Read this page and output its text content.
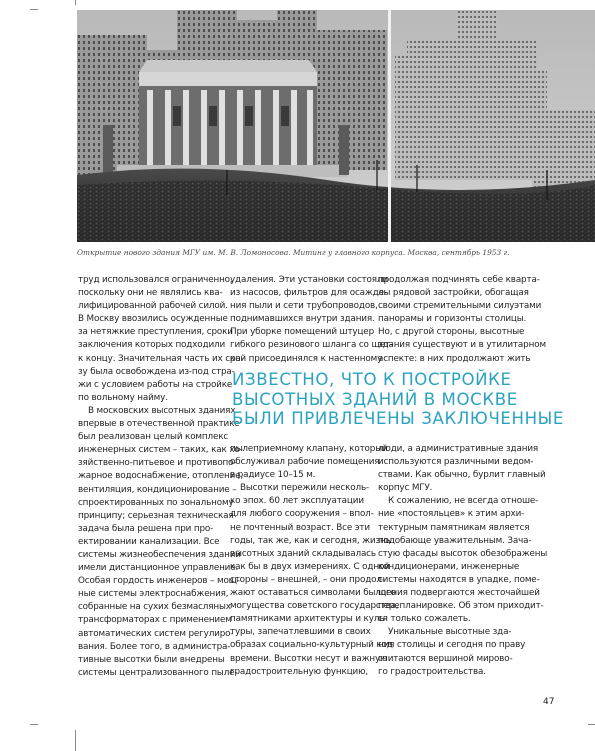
Открытие нового здания МГУ им. М. В. Ломоносова. Митинг у главного корпуса. Москва, сентябрь 1953 г.

труд использовался ограниченно,
поскольку они не являлись ква-
лифицированной рабочей силой.
В Москву ввозились осужденные
за нетяжкие преступления, сроки
заключения которых подходили
к концу. Значительная часть их сра-
зу была освобождена из-под стра-
жи с условием работы на стройке
по вольному найму.

В московских высотных зданиях
впервые в отечественной практике
был реализован целый комплекс
инженерных систем – таких, как хо-
зяйственно-питьевое и противопо-
жарное водоснабжение, отопление,
вентиляция, кондиционирование –
спроектированных по зональному
принципу; серьезная техническая
задача была решена при про-
ектировании канализации. Все
системы жизнеобеспечения зданий
имели дистанционное управление.
Особая гордость инженеров – мощ-
ные системы электроснабжения,
собранные на сухих безмасляных
трансформаторах с применением
автоматических систем регулиро-
вания. Более того, в администра-
тивные высотки были внедрены
системы централизованного пыле-

удаления. Эти установки состояли
из насосов, фильтров для осажде-
ния пыли и сети трубопроводов,
поднимавшихся внутри здания.
При уборке помещений штуцер
гибкого резинового шланга со щет-
кой присоединялся к настенному

продолжая подчинять себе кварта-
лы рядовой застройки, обогащая
своими стремительными силуэтами
панорамы и горизонты столицы.
Но, с другой стороны, высотные
здания существуют и в утилитарном
аспекте: в них продолжают жить

ИЗВЕСТНО, ЧТО К ПОСТРОЙКЕ
ВЫСОТНЫХ ЗДАНИЙ В МОСКВЕ
БЫЛИ ПРИВЛЕЧЕНЫ ЗАКЛЮЧЕННЫЕ

пылеприемному клапану, который
обслуживал рабочие помещения
в радиусе 10–15 м.

Высотки пережили несколь-
ко эпох. 60 лет эксплуатации
для любого сооружения – впол-
не почтенный возраст. Все эти
годы, так же, как и сегодня, жизнь
высотных зданий складывалась
как бы в двух измерениях. С одной
стороны – внешней, – они продол-
жают оставаться символами былого
могущества советского государства,
памятниками архитектуры и куль-
туры, запечатлевшими в своих
образах социально-культурный код
времени. Высотки несут и важную
градостроительную функцию,

люди, а административные здания
используются различными ведом-
ствами. Как обычно, бурлит главный
корпус МГУ.

К сожалению, не всегда отноше-
ние «постояльцев» к этим архи-
тектурным памятникам является
подобающе уважительным. Зача-
стую фасады высоток обезображены
кондиционерами, инженерные
системы находятся в упадке, поме-
щения подвергаются жесточайшей
перепланировке. Об этом приходит-
ся только сожалеть.

Уникальные высотные зда-
ния столицы и сегодня по праву
считаются вершиной мирово-
го градостроительства.

47
